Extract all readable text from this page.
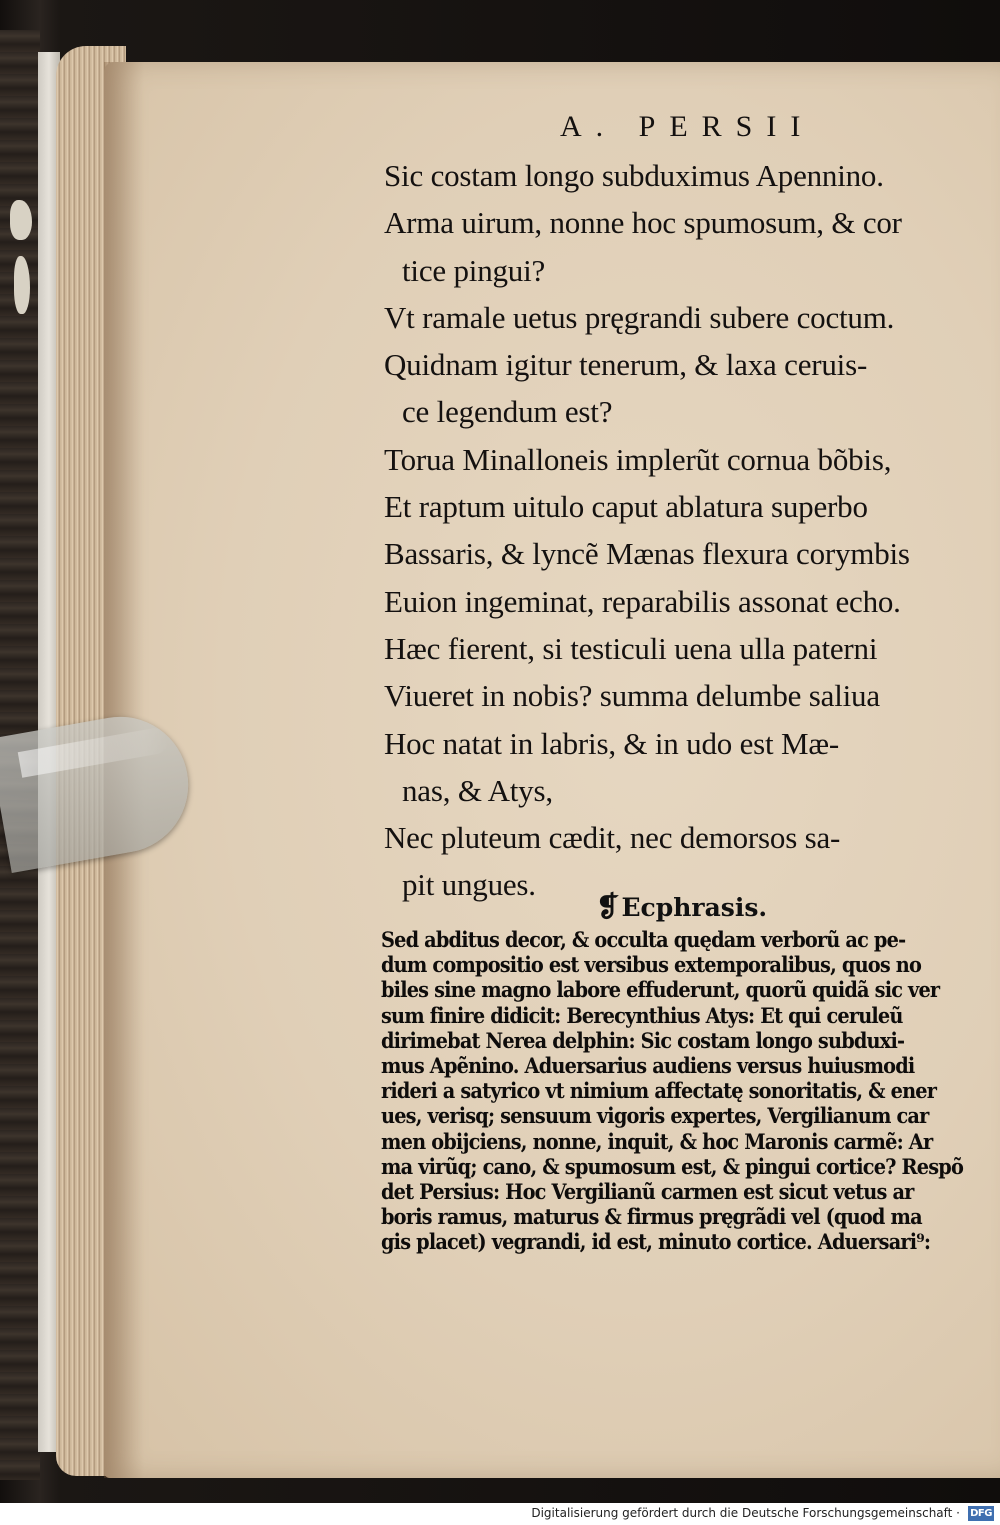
A. PERSII
Sic costam longo subduximus Apennino.
Arma uirum, nonne hoc spumosum, & cor
tice pingui?
Vt ramale uetus pręgrandi subere coctum.
Quidnam igitur tenerum, & laxa ceruis-
ce legendum est?
Torua Minalloneis implerũt cornua bõbis,
Et raptum uitulo caput ablatura superbo
Bassaris, & lyncẽ Mænas flexura corymbis
Euion ingeminat, reparabilis assonat echo.
Hæc fierent, si testiculi uena ulla paterni
Viueret in nobis? summa delumbe saliua
Hoc natat in labris, & in udo est Mæ-
nas, & Atys,
Nec pluteum cædit, nec demorsos sa-
pit ungues.
❡Ecphrasis.
Sed abditus decor, & occulta quędam verborũ ac pe-
dum compositio est versibus extemporalibus, quos no
biles sine magno labore effuderunt, quorũ quidã sic ver
sum finire didicit: Berecynthius Atys: Et qui ceruleũ
dirimebat Nerea delphin: Sic costam longo subduxi-
mus Apẽnino. Aduersarius audiens versus huiusmodi
rideri a satyrico vt nimium affectatę sonoritatis, & ener
ues, verisq; sensuum vigoris expertes, Vergilianum car
men obijciens, nonne, inquit, & hoc Maronis carmẽ: Ar
ma virũq; cano, & spumosum est, & pingui cortice? Respõ
det Persius: Hoc Vergilianũ carmen est sicut vetus ar
boris ramus, maturus & firmus pręgrãdi vel (quod ma
gis placet) vegrandi, id est, minuto cortice. Aduersari⁹:
Digitalisierung gefördert durch die Deutsche Forschungsgemeinschaft · DFG
